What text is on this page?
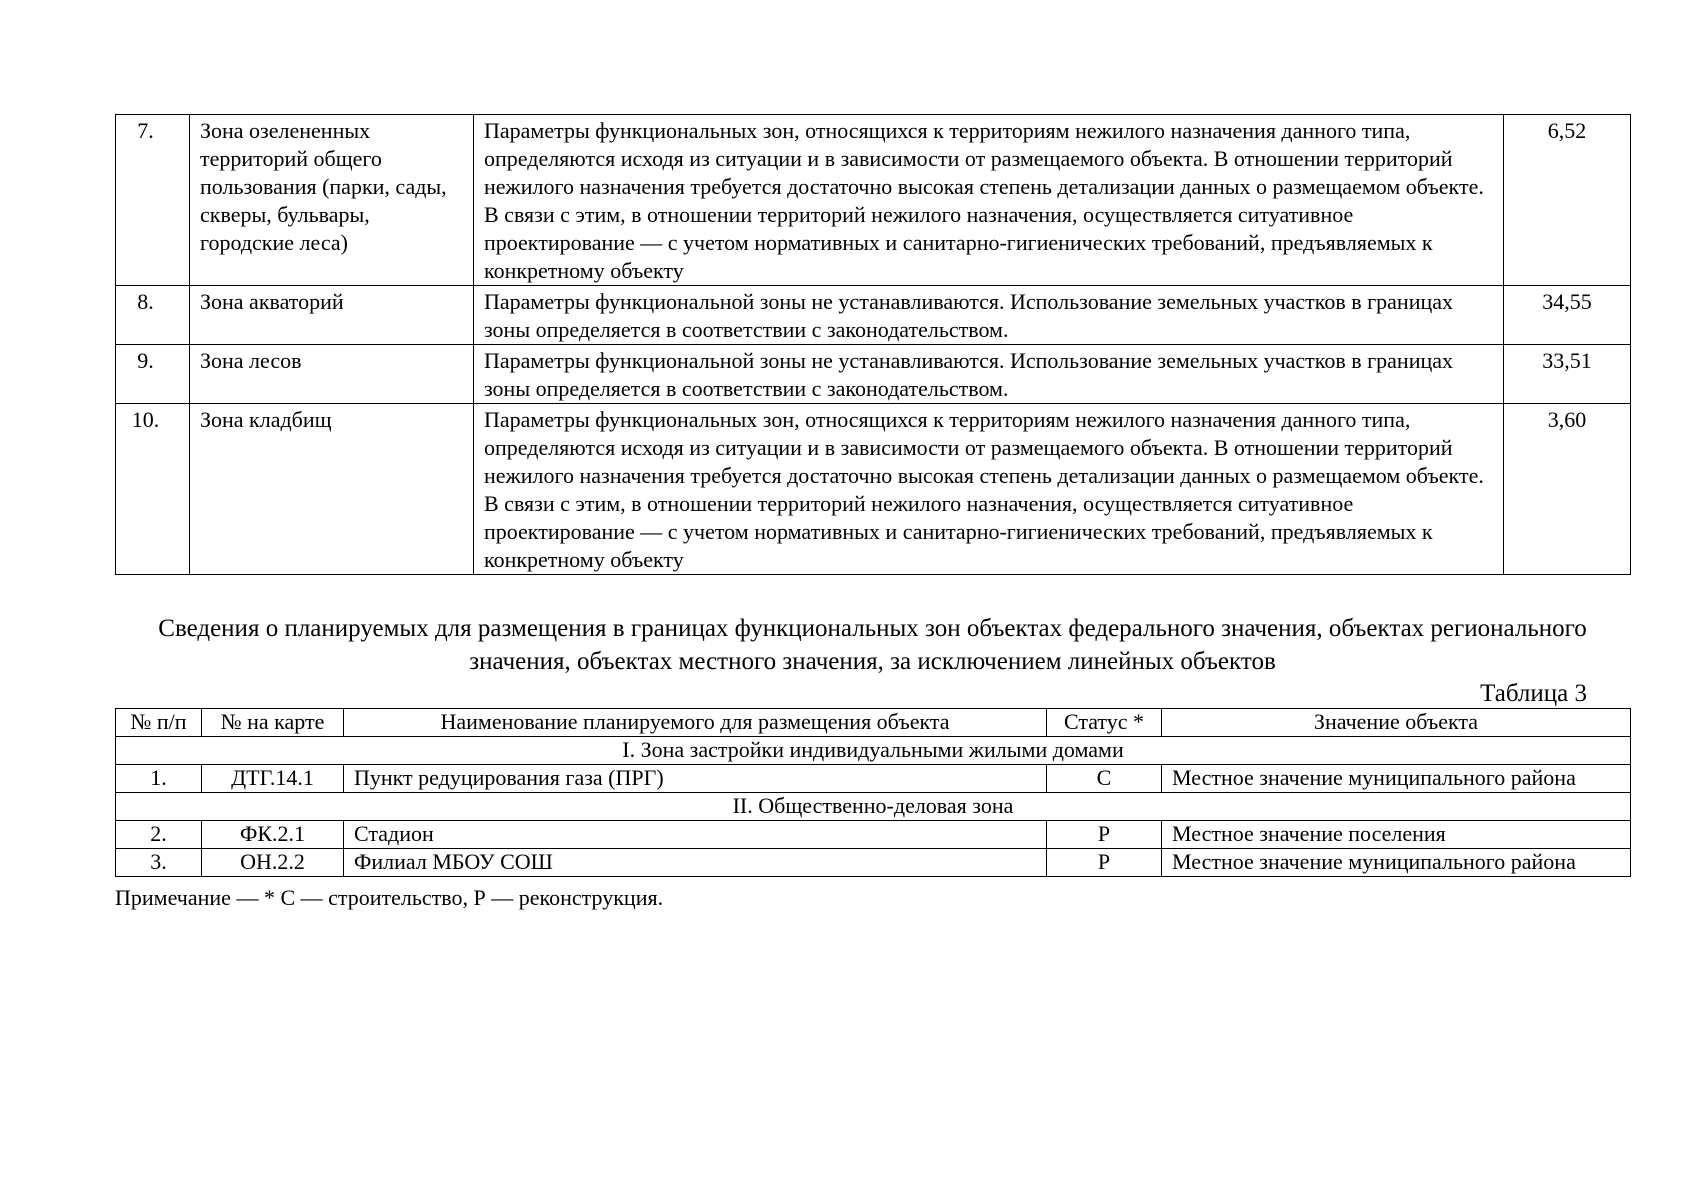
7.	Зона озелененных территорий общего пользования (парки, сады, скверы, бульвары, городские леса)	Параметры функциональных зон, относящихся к территориям нежилого назначения данного типа, определяются исходя из ситуации и в зависимости от размещаемого объекта. В отношении территорий нежилого назначения требуется достаточно высокая степень детализации данных о размещаемом объекте. В связи с этим, в отношении территорий нежилого назначения, осуществляется ситуативное проектирование — с учетом нормативных и санитарно-гигиенических требований, предъявляемых к конкретному объекту	6,52
8.	Зона акваторий	Параметры функциональной зоны не устанавливаются. Использование земельных участков в границах зоны определяется в соответствии с законодательством.	34,55
9.	Зона лесов	Параметры функциональной зоны не устанавливаются. Использование земельных участков в границах зоны определяется в соответствии с законодательством.	33,51
10.	Зона кладбищ	Параметры функциональных зон, относящихся к территориям нежилого назначения данного типа, определяются исходя из ситуации и в зависимости от размещаемого объекта. В отношении территорий нежилого назначения требуется достаточно высокая степень детализации данных о размещаемом объекте. В связи с этим, в отношении территорий нежилого назначения, осуществляется ситуативное проектирование — с учетом нормативных и санитарно-гигиенических требований, предъявляемых к конкретному объекту	3,60
Сведения о планируемых для размещения в границах функциональных зон объектах федерального значения, объектах регионального значения, объектах местного значения, за исключением линейных объектов
Таблица 3
№ п/п	№ на карте	Наименование планируемого для размещения объекта	Статус *	Значение объекта
I. Зона застройки индивидуальными жилыми домами				
1.	ДТГ.14.1	Пункт редуцирования газа (ПРГ)	С	Местное значение муниципального района
II. Общественно-деловая зона				
2.	ФК.2.1	Стадион	Р	Местное значение поселения
3.	ОН.2.2	Филиал МБОУ СОШ	Р	Местное значение муниципального района
Примечание — * С — строительство, Р — реконструкция.
